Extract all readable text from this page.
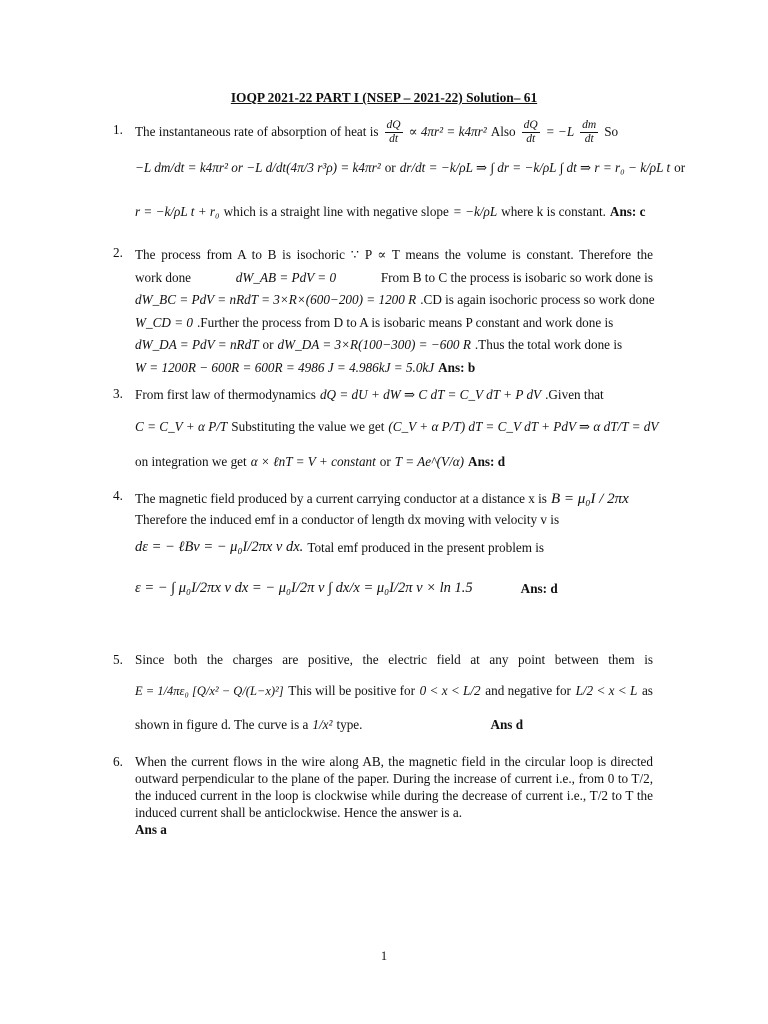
IOQP 2021-22 PART I (NSEP – 2021-22) Solution– 61
1. The instantaneous rate of absorption of heat is $\frac{dQ}{dt} \propto 4\pi r^2 = k4\pi r^2$ Also $\frac{dQ}{dt} = -L \frac{dm}{dt}$ So
−L dm/dt = k4πr² or −L d/dt(4π/3 r³ρ) = k4πr² or dr/dt = −k/ρL ⇒ ∫ dr = −k/ρL ∫ dt ⇒ r = r₀ − k/ρL t or
r = −k/ρL t + r₀ which is a straight line with negative slope = −k/ρL where k is constant. Ans: c
2. The process from A to B is isochoric ∵ P ∝ T means the volume is constant. Therefore the
work done	dW_AB = PdV = 0	From B to C the process is isobaric so work done is
dW_BC = PdV = nRdT = 3×R×(600−200) = 1200 R .CD is again isochoric process so work done
W_CD = 0 .Further the process from D to A is isobaric means P constant and work done is
dW_DA = PdV = nRdT or dW_DA = 3×R(100−300) = −600 R .Thus the total work done is
W = 1200R − 600R = 600R = 4986 J = 4.986kJ = 5.0kJ Ans: b
3. From first law of thermodynamics dQ = dU + dW ⇒ C dT = C_V dT + P dV .Given that
C = C_V + α P/T Substituting the value we get (C_V + α P/T) dT = C_V dT + PdV ⇒ α dT/T = dV
on integration we get α × ℓnT = V + constant or T = Ae^(V/α) Ans: d
4. The magnetic field produced by a current carrying conductor at a distance x is B = μ₀I / 2πx
Therefore the induced emf in a conductor of length dx moving with velocity v is
dε = − ℓBv = − μ₀I/2πx v dx. Total emf produced in the present problem is
ε = − ∫ μ₀I/2πx v dx = − μ₀I/2π v ∫ dx/x = μ₀I/2π v × ln 1.5	Ans: d
5. Since both the charges are positive, the electric field at any point between them is
E = 1/4πε₀ [Q/x² − Q/(L−x)²] This will be positive for 0 < x < L/2 and negative for L/2 < x < L as
shown in figure d. The curve is a 1/x² type.	Ans d
6. When the current flows in the wire along AB, the magnetic field in the circular loop is directed outward perpendicular to the plane of the paper. During the increase of current i.e., from 0 to T/2, the induced current in the loop is clockwise while during the decrease of current i.e., T/2 to T the induced current shall be anticlockwise. Hence the answer is a.
Ans a
1
